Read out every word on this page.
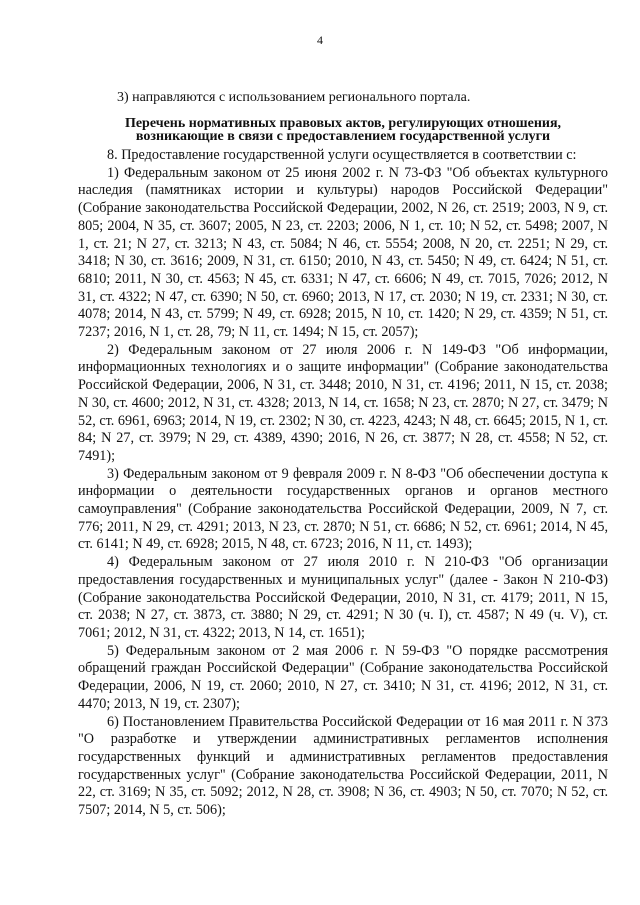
4
3) направляются с использованием регионального портала.
Перечень нормативных правовых актов, регулирующих отношения,
возникающие в связи с предоставлением государственной услуги

8. Предоставление государственной услуги осуществляется в соответствии с:

1) Федеральным законом от 25 июня 2002 г. N 73-ФЗ "Об объектах культурного наследия (памятниках истории и культуры) народов Российской Федерации" (Собрание законодательства Российской Федерации, 2002, N 26, ст. 2519; 2003, N 9, ст. 805; 2004, N 35, ст. 3607; 2005, N 23, ст. 2203; 2006, N 1, ст. 10; N 52, ст. 5498; 2007, N 1, ст. 21; N 27, ст. 3213; N 43, ст. 5084; N 46, ст. 5554; 2008, N 20, ст. 2251; N 29, ст. 3418; N 30, ст. 3616; 2009, N 31, ст. 6150; 2010, N 43, ст. 5450; N 49, ст. 6424; N 51, ст. 6810; 2011, N 30, ст. 4563; N 45, ст. 6331; N 47, ст. 6606; N 49, ст. 7015, 7026; 2012, N 31, ст. 4322; N 47, ст. 6390; N 50, ст. 6960; 2013, N 17, ст. 2030; N 19, ст. 2331; N 30, ст. 4078; 2014, N 43, ст. 5799; N 49, ст. 6928; 2015, N 10, ст. 1420; N 29, ст. 4359; N 51, ст. 7237; 2016, N 1, ст. 28, 79; N 11, ст. 1494; N 15, ст. 2057);

2) Федеральным законом от 27 июля 2006 г. N 149-ФЗ "Об информации, информационных технологиях и о защите информации" (Собрание законодательства Российской Федерации, 2006, N 31, ст. 3448; 2010, N 31, ст. 4196; 2011, N 15, ст. 2038; N 30, ст. 4600; 2012, N 31, ст. 4328; 2013, N 14, ст. 1658; N 23, ст. 2870; N 27, ст. 3479; N 52, ст. 6961, 6963; 2014, N 19, ст. 2302; N 30, ст. 4223, 4243; N 48, ст. 6645; 2015, N 1, ст. 84; N 27, ст. 3979; N 29, ст. 4389, 4390; 2016, N 26, ст. 3877; N 28, ст. 4558; N 52, ст. 7491);

3) Федеральным законом от 9 февраля 2009 г. N 8-ФЗ "Об обеспечении доступа к информации о деятельности государственных органов и органов местного самоуправления" (Собрание законодательства Российской Федерации, 2009, N 7, ст. 776; 2011, N 29, ст. 4291; 2013, N 23, ст. 2870; N 51, ст. 6686; N 52, ст. 6961; 2014, N 45, ст. 6141; N 49, ст. 6928; 2015, N 48, ст. 6723; 2016, N 11, ст. 1493);

4) Федеральным законом от 27 июля 2010 г. N 210-ФЗ "Об организации предоставления государственных и муниципальных услуг" (далее - Закон N 210-ФЗ) (Собрание законодательства Российской Федерации, 2010, N 31, ст. 4179; 2011, N 15, ст. 2038; N 27, ст. 3873, ст. 3880; N 29, ст. 4291; N 30 (ч. I), ст. 4587; N 49 (ч. V), ст. 7061; 2012, N 31, ст. 4322; 2013, N 14, ст. 1651);

5) Федеральным законом от 2 мая 2006 г. N 59-ФЗ "О порядке рассмотрения обращений граждан Российской Федерации" (Собрание законодательства Российской Федерации, 2006, N 19, ст. 2060; 2010, N 27, ст. 3410; N 31, ст. 4196; 2012, N 31, ст. 4470; 2013, N 19, ст. 2307);

6) Постановлением Правительства Российской Федерации от 16 мая 2011 г. N 373 "О разработке и утверждении административных регламентов исполнения государственных функций и административных регламентов предоставления государственных услуг" (Собрание законодательства Российской Федерации, 2011, N 22, ст. 3169; N 35, ст. 5092; 2012, N 28, ст. 3908; N 36, ст. 4903; N 50, ст. 7070; N 52, ст. 7507; 2014, N 5, ст. 506);
